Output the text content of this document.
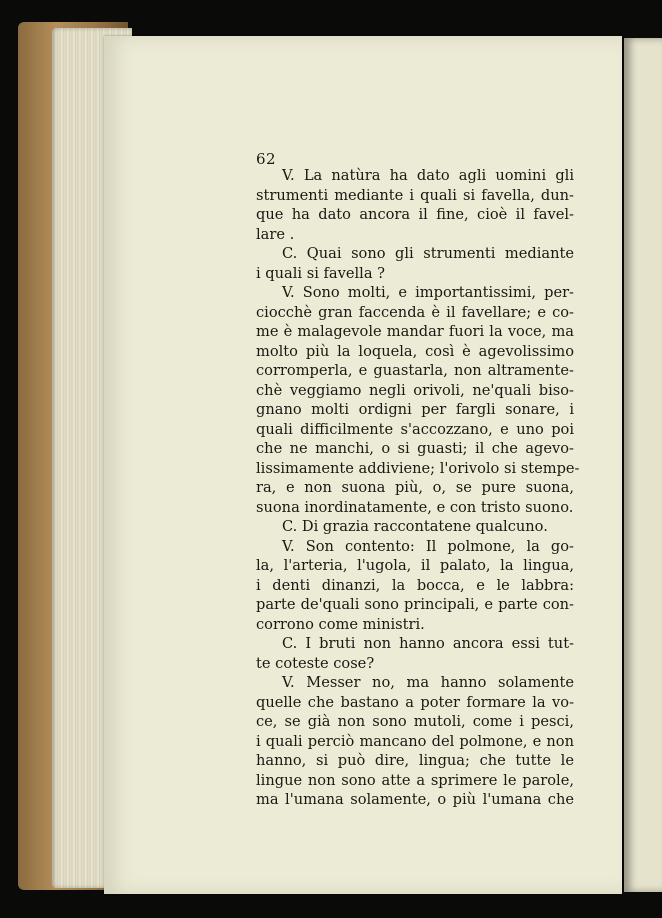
62
V. La natùra ha dato agli uomini gli
strumenti mediante i quali si favella, dun-
que ha dato ancora il fine, cioè il favel-
lare .
C. Quai sono gli strumenti mediante
i quali si favella ?
V. Sono molti, e importantissimi, per-
ciocchè gran faccenda è il favellare; e co-
me è malagevole mandar fuori la voce, ma
molto più la loquela, così è agevolissimo
corromperla, e guastarla, non altramente-
chè veggiamo negli orivoli, ne'quali biso-
gnano molti ordigni per fargli sonare, i
quali difficilmente s'accozzano, e uno poi
che ne manchi, o si guasti; il che agevo-
lissimamente addiviene; l'orivolo si stempe-
ra, e non suona più, o, se pure suona,
suona inordinatamente, e con tristo suono.
C. Di grazia raccontatene qualcuno.
V. Son contento: Il polmone, la go-
la, l'arteria, l'ugola, il palato, la lingua,
i denti dinanzi, la bocca, e le labbra:
parte de'quali sono principali, e parte con-
corrono come ministri.
C. I bruti non hanno ancora essi tut-
te coteste cose?
V. Messer no, ma hanno solamente
quelle che bastano a poter formare la vo-
ce, se già non sono mutoli, come i pesci,
i quali perciò mancano del polmone, e non
hanno, si può dire, lingua; che tutte le
lingue non sono atte a sprimere le parole,
ma l'umana solamente, o più l'umana che
